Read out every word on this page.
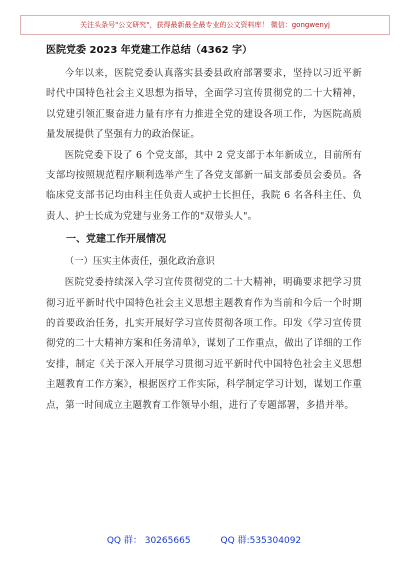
关注头条号"公文研究"，获得最新最全最专业的公文资料库！ 微信：gongwenyj
医院党委 2023 年党建工作总结（4362 字）

今年以来，医院党委认真落实县委县政府部署要求，坚持以习近平新时代中国特色社会主义思想为指导，全面学习宣传贯彻党的二十大精神，以党建引领汇聚奋进力量有序有力推进全党的建设各项工作，为医院高质量发展提供了坚强有力的政治保证。

医院党委下设了 6 个党支部，其中 2 党支部于本年新成立，目前所有支部均按照规范程序顺利选举产生了各党支部新一届支部委员会委员。各临床党支部书记均由科主任负责人或护士长担任，我院 6 名各科主任、负责人、护士长成为党建与业务工作的"双带头人"。

一、党建工作开展情况
（一）压实主体责任，强化政治意识

医院党委持续深入学习宣传贯彻党的二十大精神，明确要求把学习贯彻习近平新时代中国特色社会主义思想主题教育作为当前和今后一个时期的首要政治任务，扎实开展好学习宣传贯彻各项工作。印发《学习宣传贯彻党的二十大精神方案和任务清单》，谋划了工作重点，做出了详细的工作安排，制定《关于深入开展学习贯彻习近平新时代中国特色社会主义思想主题教育工作方案》，根据医疗工作实际，科学制定学习计划，谋划工作重点，第一时间成立主题教育工作领导小组，进行了专题部署，多措并举。

QQ 群： 30265665	QQ 群:535304092
